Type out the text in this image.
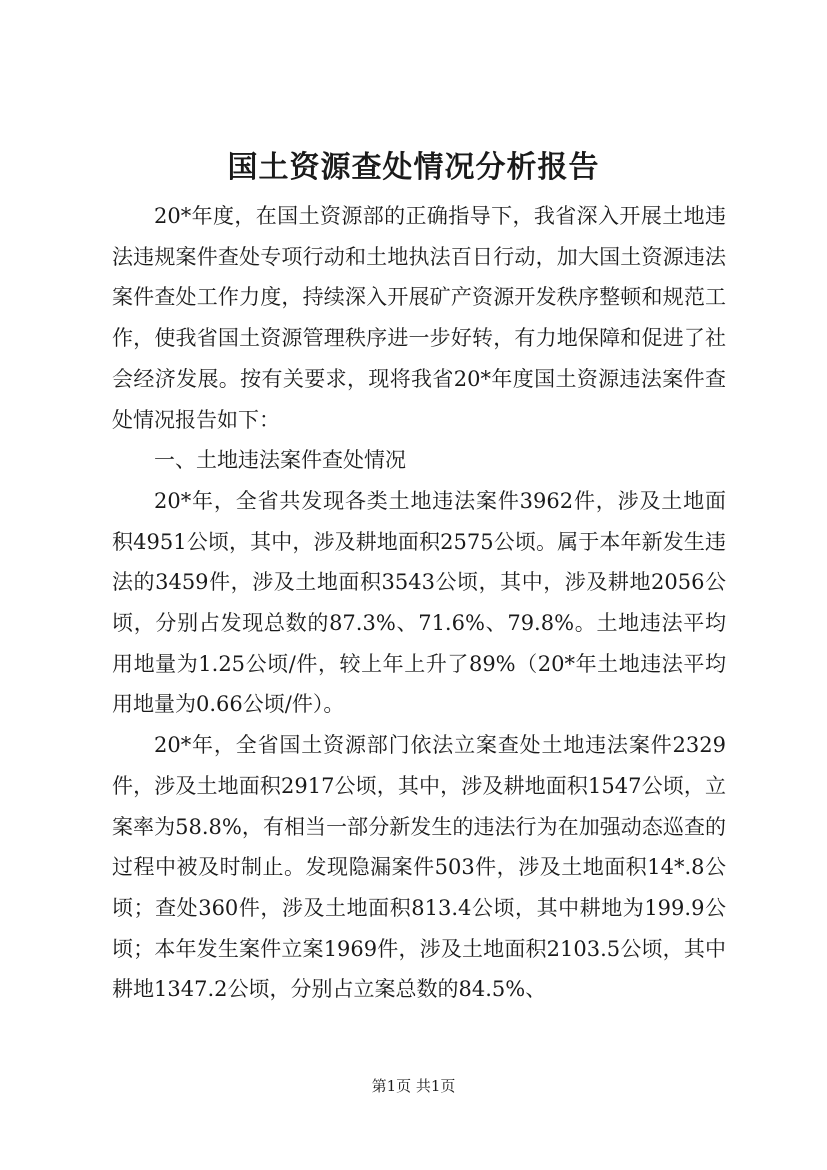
国土资源查处情况分析报告

20*年度，在国土资源部的正确指导下，我省深入开展土地违法违规案件查处专项行动和土地执法百日行动，加大国土资源违法案件查处工作力度，持续深入开展矿产资源开发秩序整顿和规范工作，使我省国土资源管理秩序进一步好转，有力地保障和促进了社会经济发展。按有关要求，现将我省20*年度国土资源违法案件查处情况报告如下：

一、土地违法案件查处情况

20*年，全省共发现各类土地违法案件3962件，涉及土地面积4951公顷，其中，涉及耕地面积2575公顷。属于本年新发生违法的3459件，涉及土地面积3543公顷，其中，涉及耕地2056公顷，分别占发现总数的87.3%、71.6%、79.8%。土地违法平均用地量为1.25公顷/件，较上年上升了89%（20*年土地违法平均用地量为0.66公顷/件）。

20*年，全省国土资源部门依法立案查处土地违法案件2329件，涉及土地面积2917公顷，其中，涉及耕地面积1547公顷，立案率为58.8%，有相当一部分新发生的违法行为在加强动态巡查的过程中被及时制止。发现隐漏案件503件，涉及土地面积14*.8公顷；查处360件，涉及土地面积813.4公顷，其中耕地为199.9公顷；本年发生案件立案1969件，涉及土地面积2103.5公顷，其中耕地1347.2公顷，分别占立案总数的84.5%、

第1页 共1页
